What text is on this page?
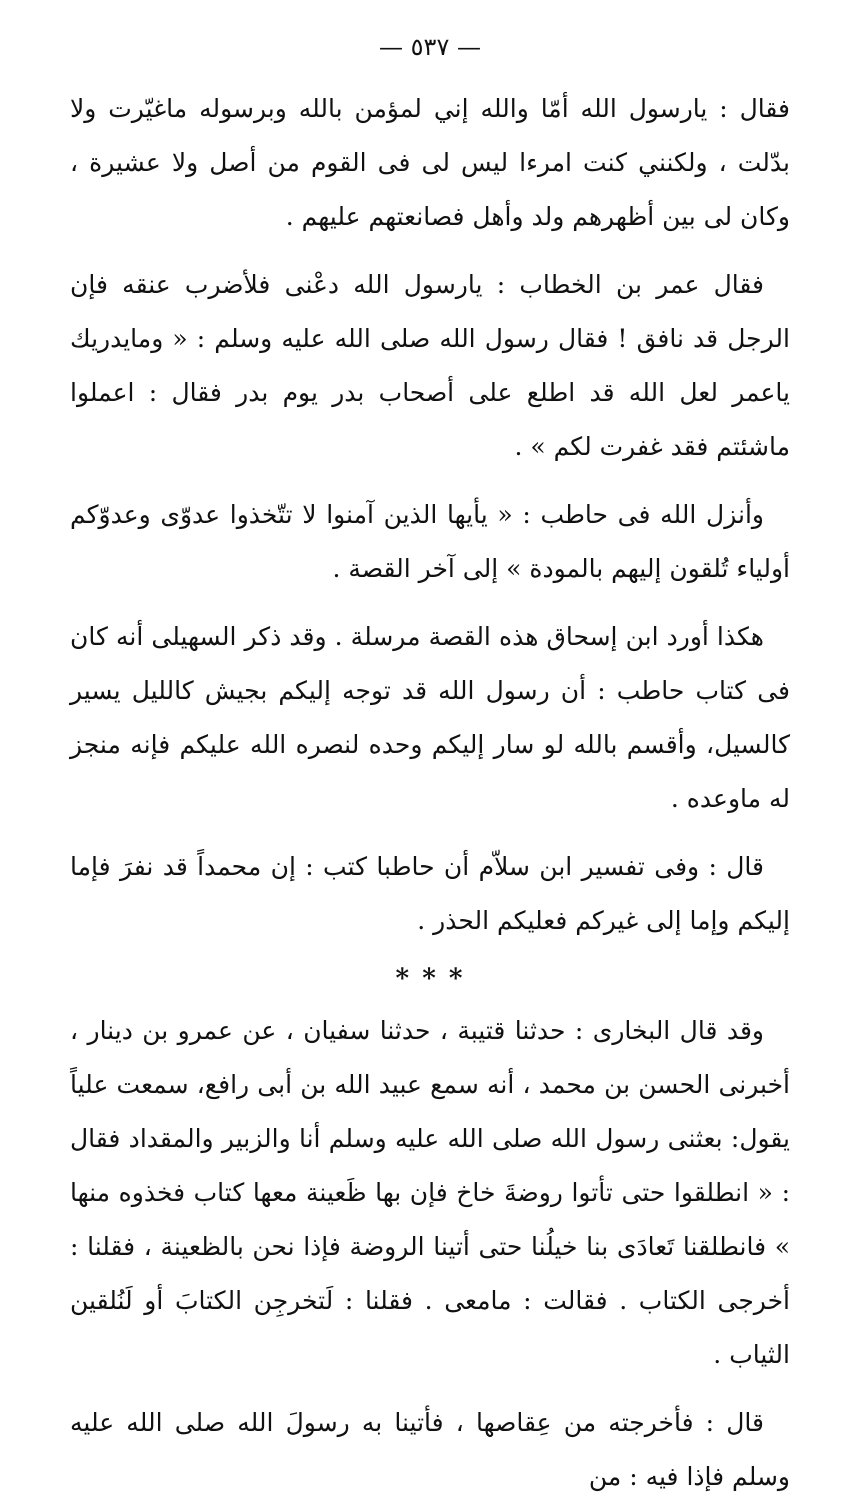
— ٥٣٧ —

فقال : يارسول الله أمّا والله إني لمؤمن بالله وبرسوله ماغيّرت ولا بدّلت ، ولكنني كنت امرءا ليس لى فى القوم من أصل ولا عشيرة ، وكان لى بين أظهرهم ولد وأهل فصانعتهم عليهم .

فقال عمر بن الخطاب : يارسول الله دعْنى فلأضرب عنقه فإن الرجل قد نافق ! فقال رسول الله صلى الله عليه وسلم : « ومايدريك ياعمر لعل الله قد اطلع على أصحاب بدر يوم بدر فقال : اعملوا ماشئتم فقد غفرت لكم » .

وأنزل الله فى حاطب : « يأيها الذين آمنوا لا تتّخذوا عدوّى وعدوّكم أولياء تُلقون إليهم بالمودة » إلى آخر القصة .

هكذا أورد ابن إسحاق هذه القصة مرسلة . وقد ذكر السهيلى أنه كان فى كتاب حاطب : أن رسول الله قد توجه إليكم بجيش كالليل يسير كالسيل، وأقسم بالله لو سار إليكم وحده لنصره الله عليكم فإنه منجز له ماوعده .

قال : وفى تفسير ابن سلاّم أن حاطبا كتب : إن محمداً قد نفرَ فإما إليكم وإما إلى غيركم فعليكم الحذر .

* * *

وقد قال البخارى : حدثنا قتيبة ، حدثنا سفيان ، عن عمرو بن دينار ، أخبرنى الحسن بن محمد ، أنه سمع عبيد الله بن أبى رافع، سمعت علياً يقول: بعثنى رسول الله صلى الله عليه وسلم أنا والزبير والمقداد فقال : « انطلقوا حتى تأتوا روضةَ خاخ فإن بها ظَعينة معها كتاب فخذوه منها » فانطلقنا تَعادَى بنا خيلُنا حتى أتينا الروضة فإذا نحن بالظعينة ، فقلنا : أخرجى الكتاب . فقالت : مامعى . فقلنا : لَتخرجِن الكتابَ أو لَنُلقين الثياب .

قال : فأخرجته من عِقاصها ، فأتينا به رسولَ الله صلى الله عليه وسلم فإذا فيه : من
